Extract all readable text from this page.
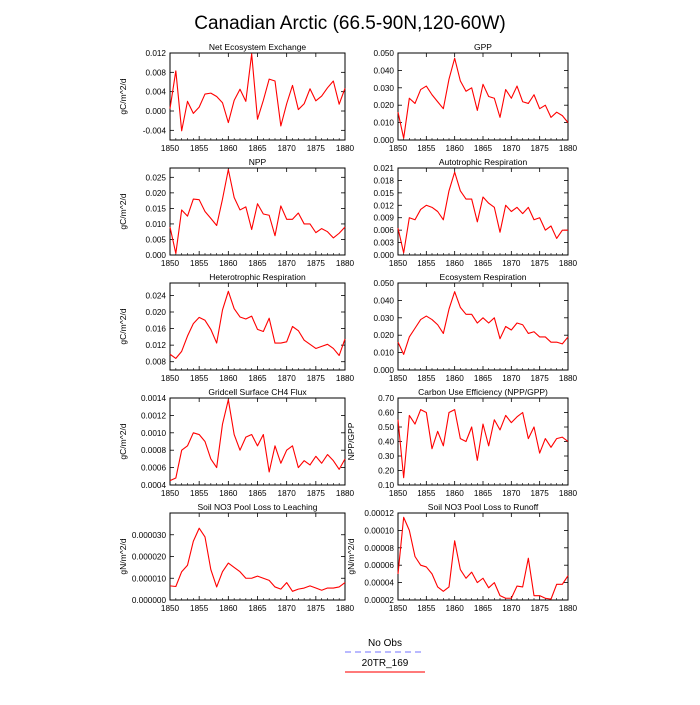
Canadian Arctic (66.5-90N,120-60W)
Net Ecosystem Exchange
gC/m^2/d
1850 1855 1860 1865 1870 1875 1880
-0.004
0.000
0.004
0.008
0.012
GPP
1850 1855 1860 1865 1870 1875 1880
0.000
0.010
0.020
0.030
0.040
0.050
NPP
gC/m^2/d
1850 1855 1860 1865 1870 1875 1880
0.000
0.005
0.010
0.015
0.020
0.025
Autotrophic Respiration
1850 1855 1860 1865 1870 1875 1880
0.000
0.003
0.006
0.009
0.012
0.015
0.018
0.021
Heterotrophic Respiration
gC/m^2/d
1850 1855 1860 1865 1870 1875 1880
0.008
0.012
0.016
0.020
0.024
Ecosystem Respiration
1850 1855 1860 1865 1870 1875 1880
0.000
0.010
0.020
0.030
0.040
0.050
Gridcell Surface CH4 Flux
gC/m^2/d
1850 1855 1860 1865 1870 1875 1880
0.0004
0.0006
0.0008
0.0010
0.0012
0.0014
Carbon Use Efficiency (NPP/GPP)
NPP/GPP
1850 1855 1860 1865 1870 1875 1880
0.10
0.20
0.30
0.40
0.50
0.60
0.70
Soil NO3 Pool Loss to Leaching
gN/m^2/d
1850 1855 1860 1865 1870 1875 1880
0.000000
0.000010
0.000020
0.000030
Soil NO3 Pool Loss to Runoff
gN/m^2/d
1850 1855 1860 1865 1870 1875 1880
0.00002
0.00004
0.00006
0.00008
0.00010
0.00012
No Obs
20TR_169
